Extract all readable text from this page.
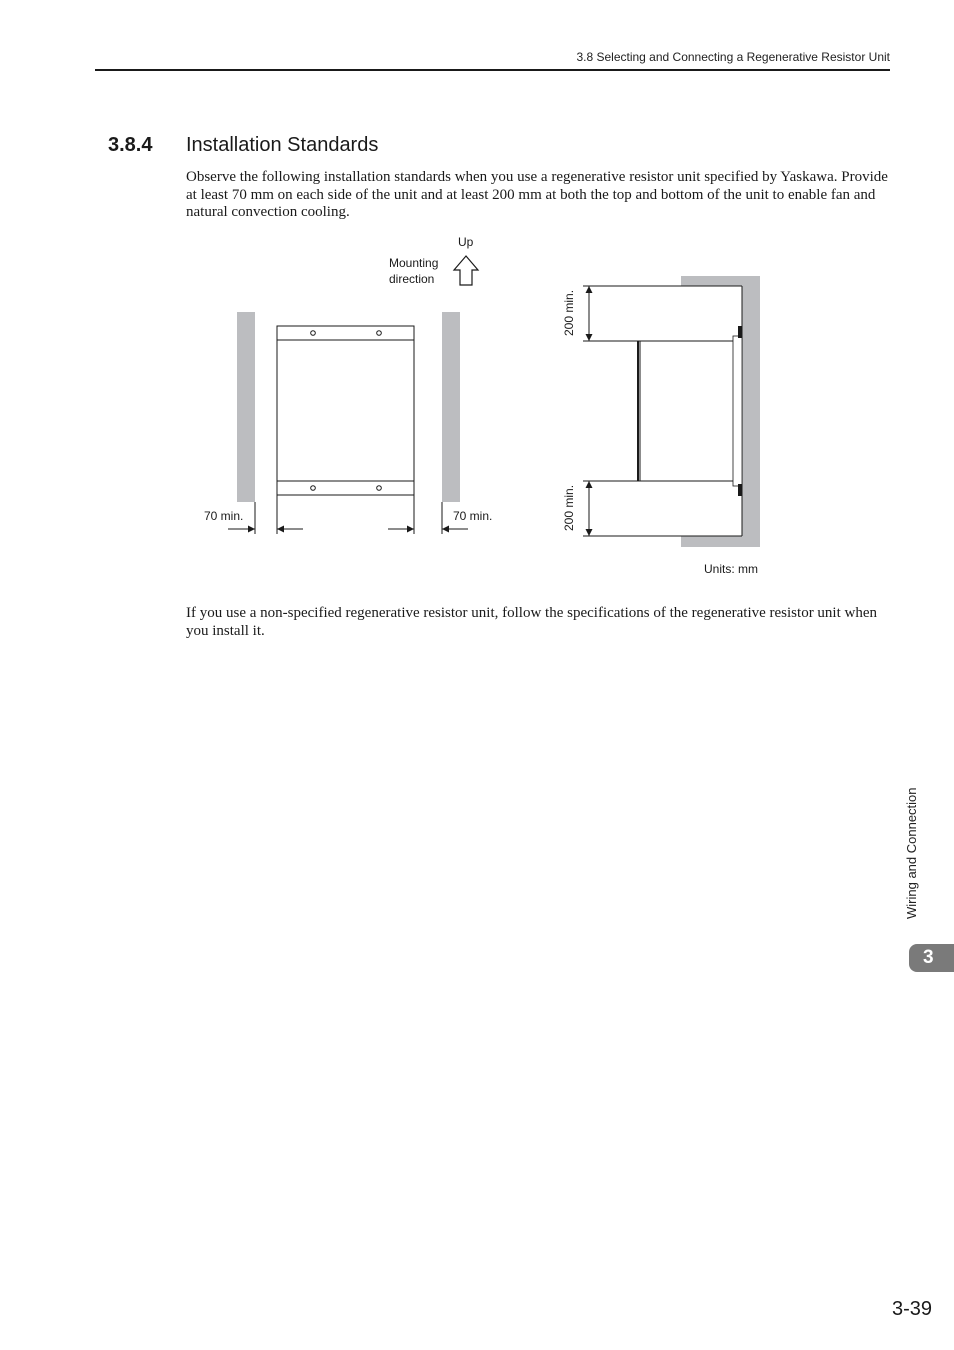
3.8 Selecting and Connecting a Regenerative Resistor Unit
3.8.4 Installation Standards
Observe the following installation standards when you use a regenerative resistor unit specified by Yaskawa. Provide at least 70 mm on each side of the unit and at least 200 mm at both the top and bottom of the unit to enable fan and natural convection cooling.
Up
Mounting
direction
70 min.	70 min.
200 min.
200 min.
Units: mm
If you use a non-specified regenerative resistor unit, follow the specifications of the regenerative resistor unit when you install it.
Wiring and Connection
3
3-39
